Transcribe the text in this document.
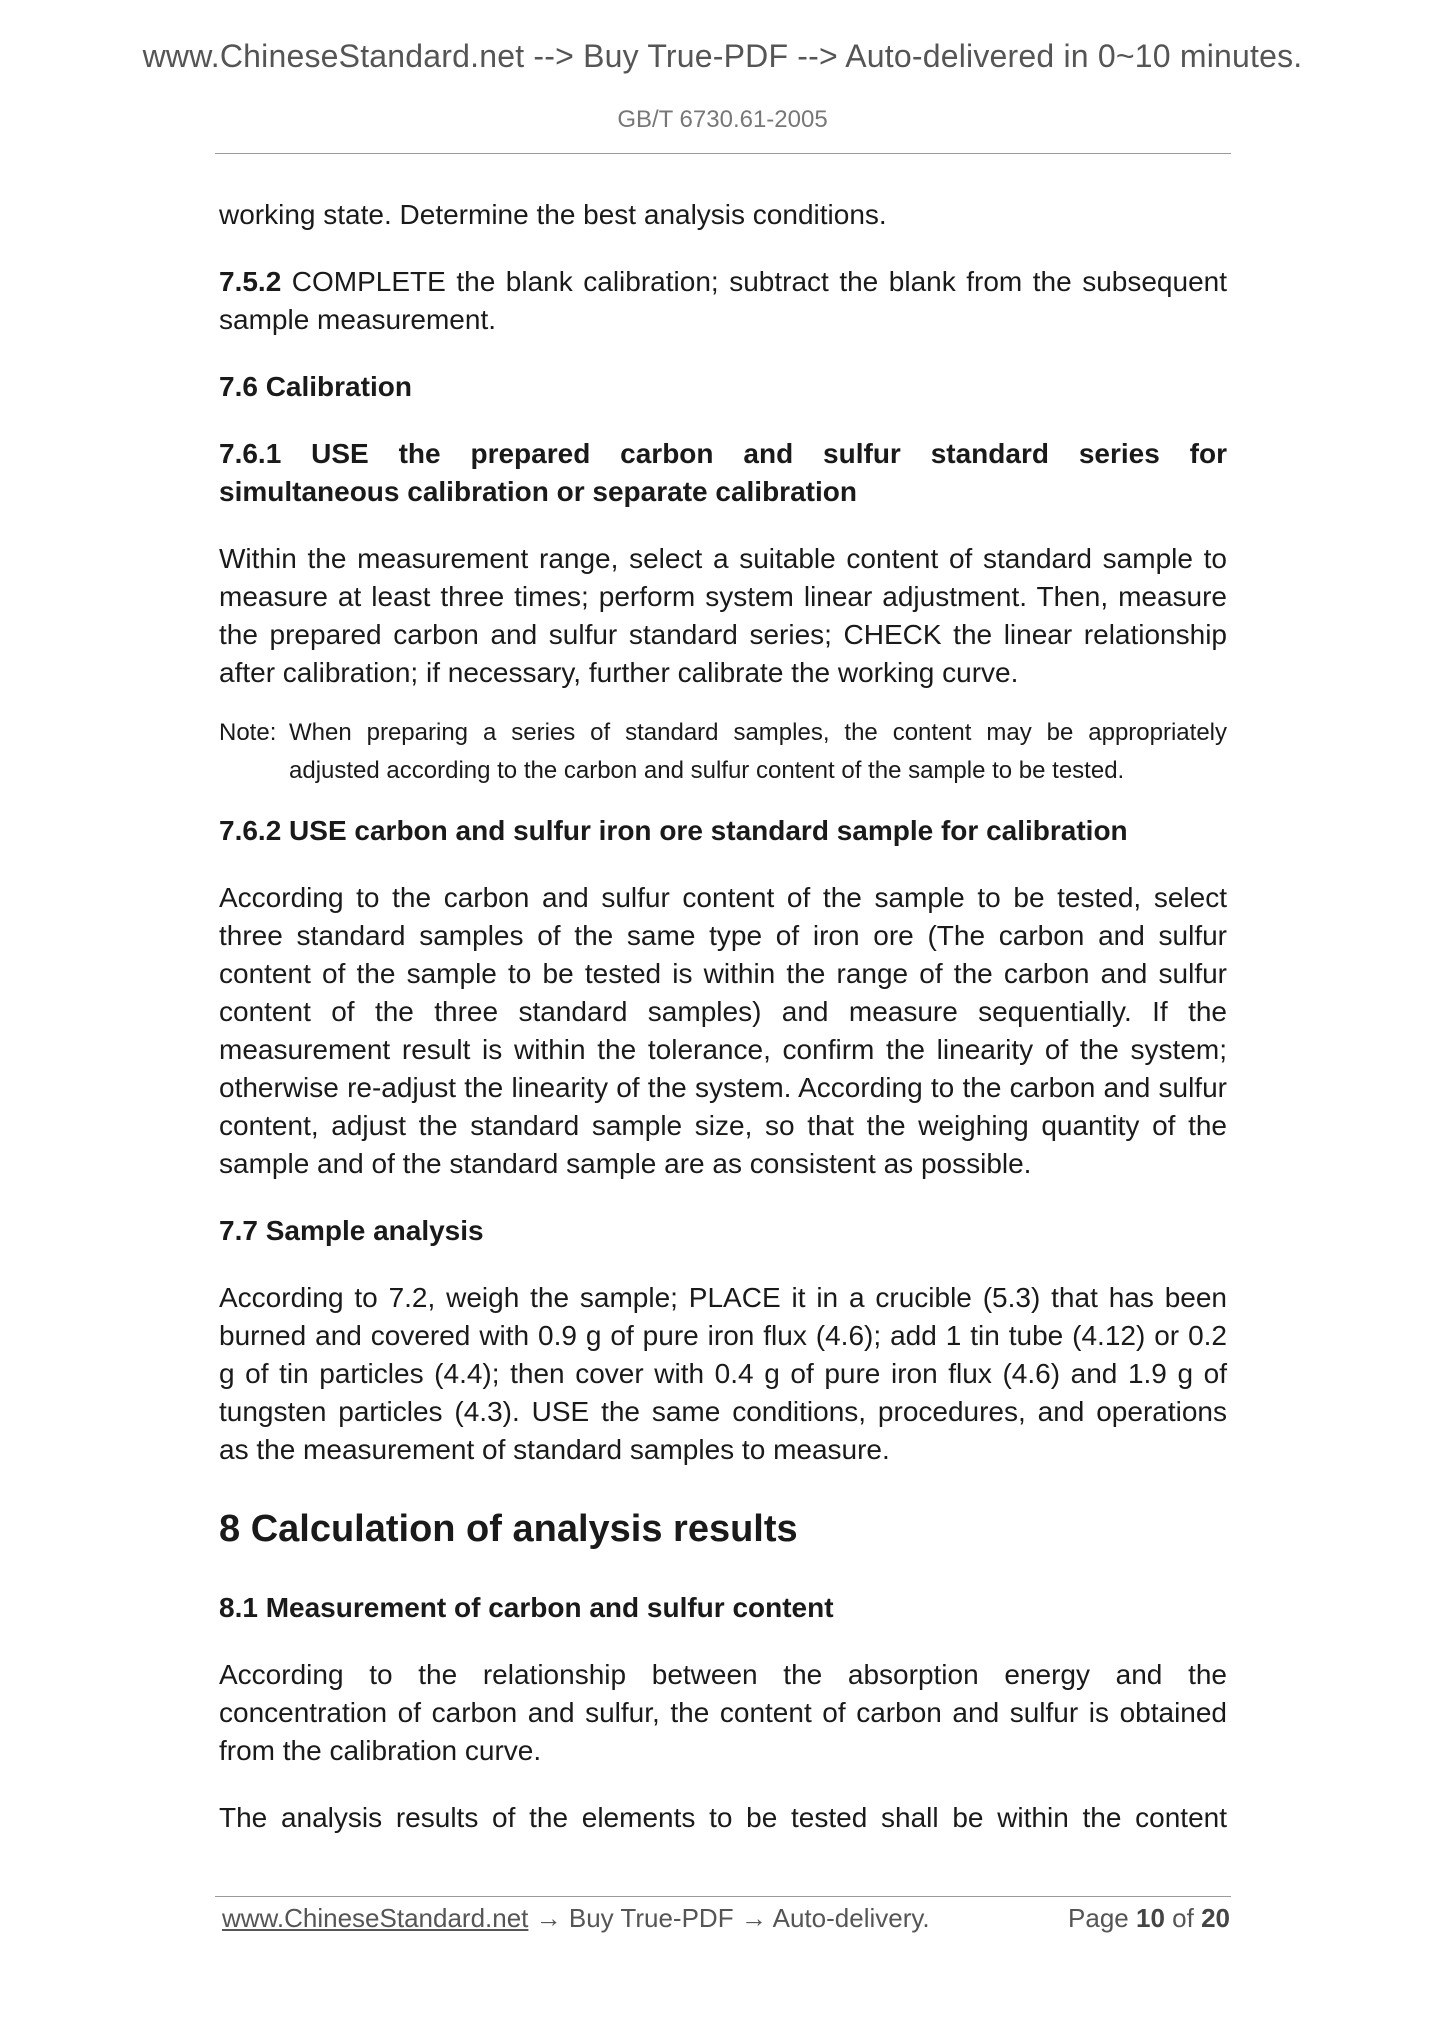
www.ChineseStandard.net --> Buy True-PDF --> Auto-delivered in 0~10 minutes.
GB/T 6730.61-2005

working state. Determine the best analysis conditions.

7.5.2 COMPLETE the blank calibration; subtract the blank from the subsequent sample measurement.

7.6 Calibration

7.6.1 USE the prepared carbon and sulfur standard series for

simultaneous calibration or separate calibration

Within the measurement range, select a suitable content of standard sample to measure at least three times; perform system linear adjustment. Then, measure the prepared carbon and sulfur standard series; CHECK the linear relationship after calibration; if necessary, further calibrate the working curve.

Note: When preparing a series of standard samples, the content may be appropriately adjusted according to the carbon and sulfur content of the sample to be tested.

7.6.2 USE carbon and sulfur iron ore standard sample for calibration

According to the carbon and sulfur content of the sample to be tested, select three standard samples of the same type of iron ore (The carbon and sulfur content of the sample to be tested is within the range of the carbon and sulfur content of the three standard samples) and measure sequentially. If the measurement result is within the tolerance, confirm the linearity of the system; otherwise re-adjust the linearity of the system. According to the carbon and sulfur content, adjust the standard sample size, so that the weighing quantity of the sample and of the standard sample are as consistent as possible.

7.7 Sample analysis

According to 7.2, weigh the sample; PLACE it in a crucible (5.3) that has been burned and covered with 0.9 g of pure iron flux (4.6); add 1 tin tube (4.12) or 0.2 g of tin particles (4.4); then cover with 0.4 g of pure iron flux (4.6) and 1.9 g of tungsten particles (4.3). USE the same conditions, procedures, and operations as the measurement of standard samples to measure.

8 Calculation of analysis results

8.1 Measurement of carbon and sulfur content

According to the relationship between the absorption energy and the concentration of carbon and sulfur, the content of carbon and sulfur is obtained from the calibration curve.

The analysis results of the elements to be tested shall be within the content

www.ChineseStandard.net → Buy True-PDF → Auto-delivery.	Page 10 of 20
